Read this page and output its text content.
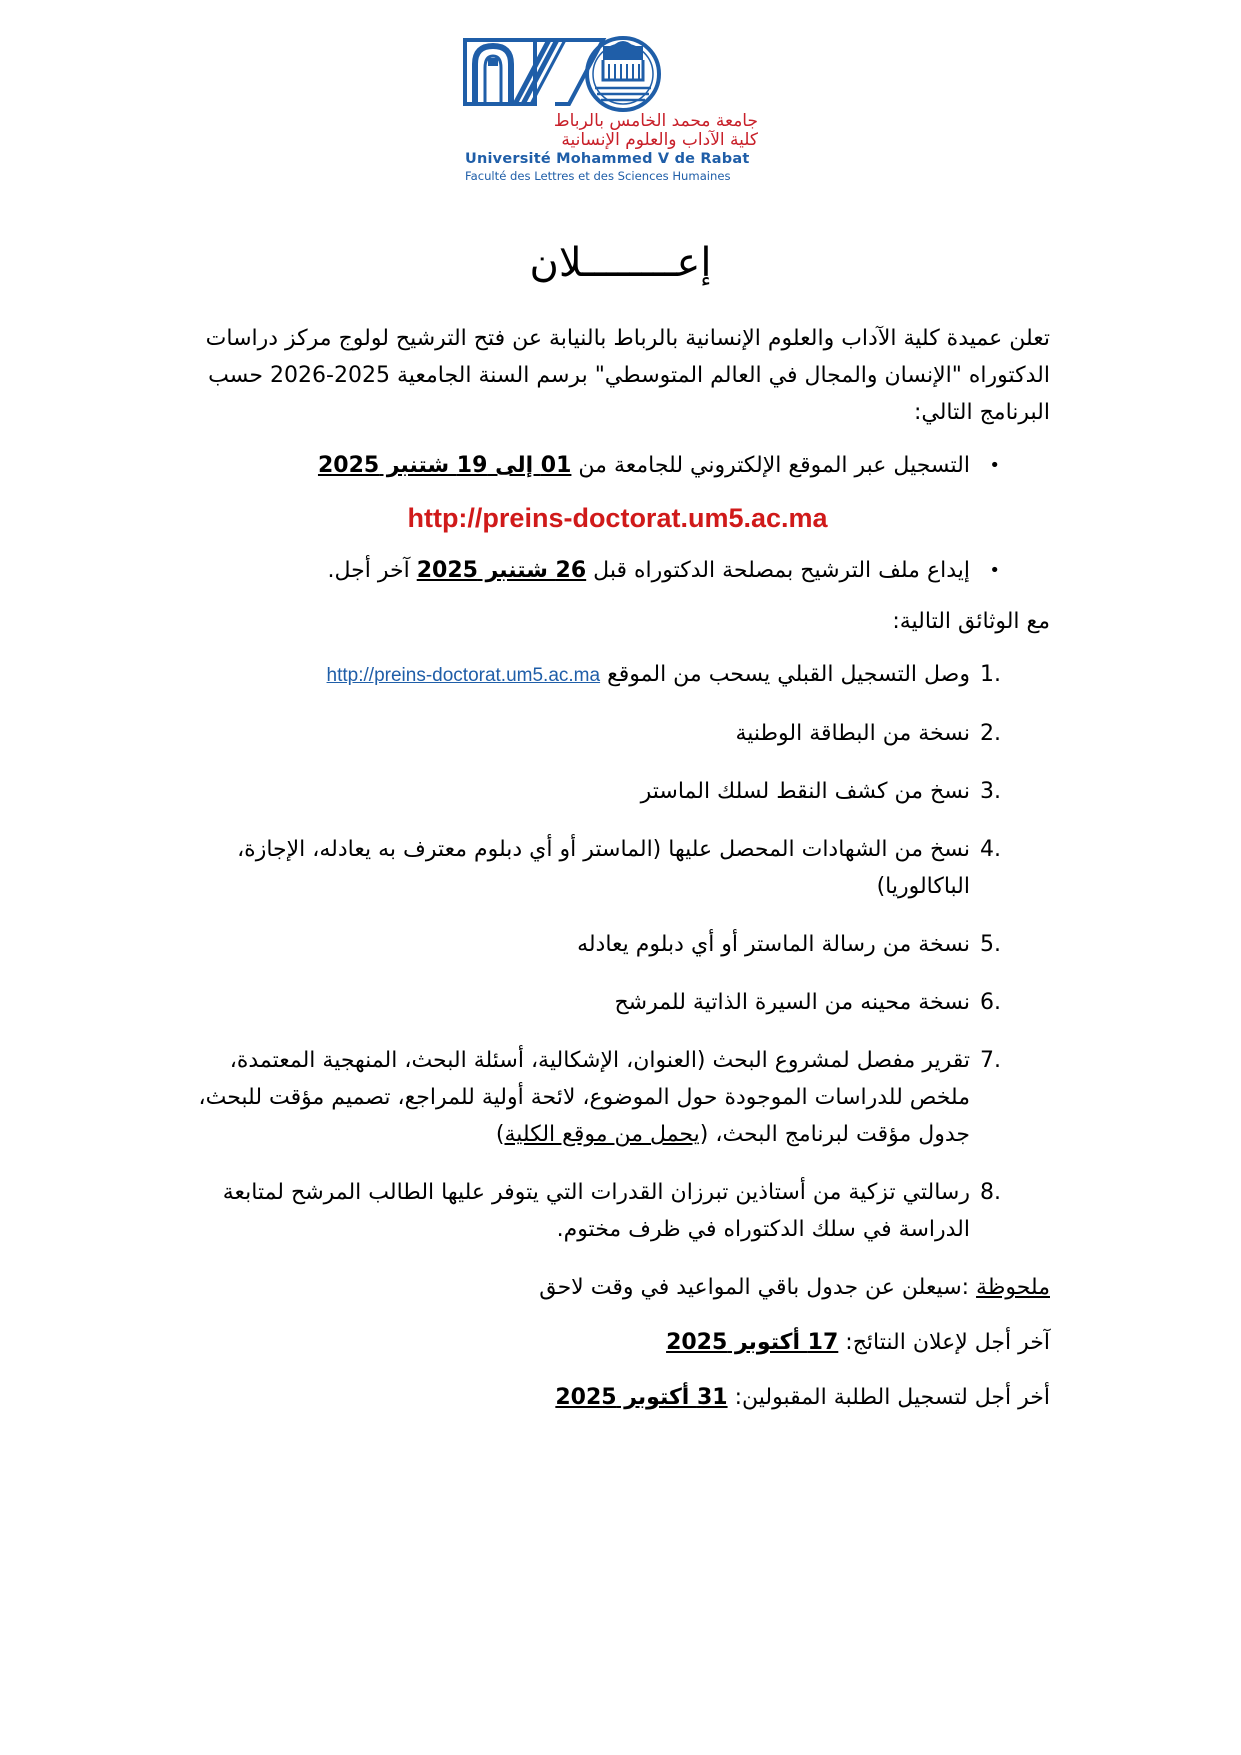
جامعة محمد الخامس بالرباط
كلية الآداب والعلوم الإنسانية
Université Mohammed V de Rabat
Faculté des Lettres et des Sciences Humaines
إعــــــــلان

تعلن عميدة كلية الآداب والعلوم الإنسانية بالرباط بالنيابة عن فتح الترشيح لولوج مركز دراسات الدكتوراه "الإنسان والمجال في العالم المتوسطي" برسم السنة الجامعية 2025-2026 حسب البرنامج التالي:

•
التسجيل عبر الموقع الإلكتروني للجامعة من 01 إلى 19 شتنبر 2025
http://preins-doctorat.um5.ac.ma
•
إيداع ملف الترشيح بمصلحة الدكتوراه قبل 26 شتنبر 2025 آخر أجل.

مع الوثائق التالية:

1.
وصل التسجيل القبلي يسحب من الموقع http://preins-doctorat.um5.ac.ma
2.
نسخة من البطاقة الوطنية
3.
نسخ من كشف النقط لسلك الماستر
4.
نسخ من الشهادات المحصل عليها (الماستر أو أي دبلوم معترف به يعادله، الإجازة، الباكالوريا)
5.
نسخة من رسالة الماستر أو أي دبلوم يعادله
6.
نسخة محينه من السيرة الذاتية للمرشح
7.
تقرير مفصل لمشروع البحث (العنوان، الإشكالية، أسئلة البحث، المنهجية المعتمدة، ملخص للدراسات الموجودة حول الموضوع، لائحة أولية للمراجع، تصميم مؤقت للبحث، جدول مؤقت لبرنامج البحث، (يحمل من موقع الكلية)
8.
رسالتي تزكية من أستاذين تبرزان القدرات التي يتوفر عليها الطالب المرشح لمتابعة الدراسة في سلك الدكتوراه في ظرف مختوم.

ملحوظة :سيعلن عن جدول باقي المواعيد في وقت لاحق

آخر أجل لإعلان النتائج: 17 أكتوبر 2025

أخر أجل لتسجيل الطلبة المقبولين: 31 أكتوبر 2025
